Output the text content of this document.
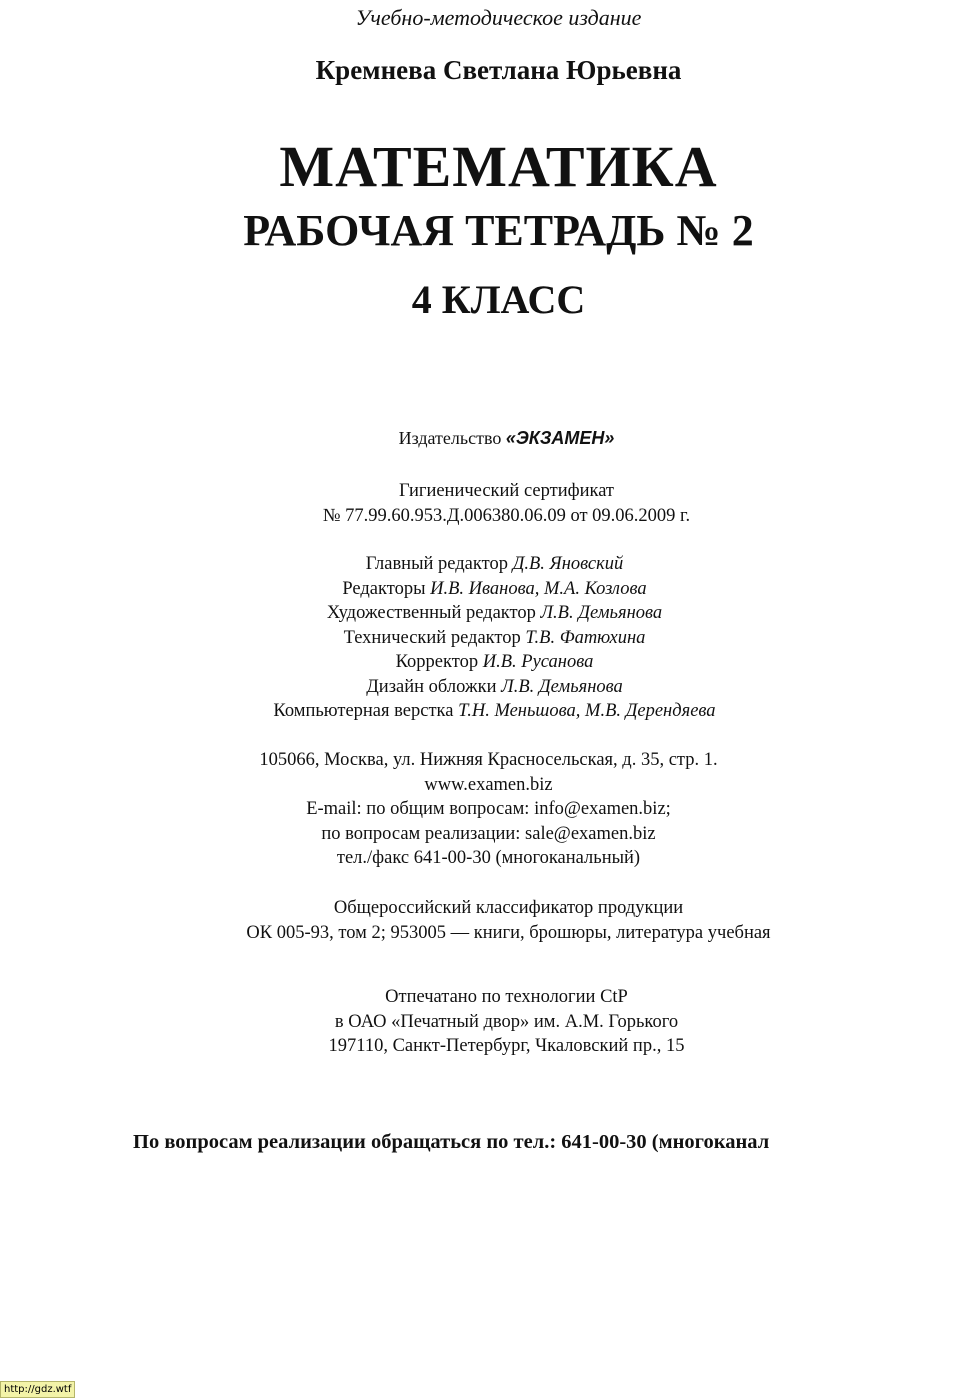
Учебно-методическое издание
Кремнева Светлана Юрьевна
МАТЕМАТИКА
РАБОЧАЯ ТЕТРАДЬ № 2
4 КЛАСС
Издательство «ЭКЗАМЕН»
Гигиенический сертификат
№ 77.99.60.953.Д.006380.06.09 от 09.06.2009 г.
Главный редактор Д.В. Яновский
Редакторы И.В. Иванова, М.А. Козлова
Художественный редактор Л.В. Демьянова
Технический редактор Т.В. Фатюхина
Корректор И.В. Русанова
Дизайн обложки Л.В. Демьянова
Компьютерная верстка Т.Н. Меньшова, М.В. Дерендяева
105066, Москва, ул. Нижняя Красносельская, д. 35, стр. 1.
www.examen.biz
E-mail: по общим вопросам: info@examen.biz;
по вопросам реализации: sale@examen.biz
тел./факс 641-00-30 (многоканальный)
Общероссийский классификатор продукции
ОК 005-93, том 2; 953005 — книги, брошюры, литература учебная
Отпечатано по технологии CtP
в ОАО «Печатный двор» им. А.М. Горького
197110, Санкт-Петербург, Чкаловский пр., 15
По вопросам реализации обращаться по тел.: 641-00-30 (многоканал
http://gdz.wtf
